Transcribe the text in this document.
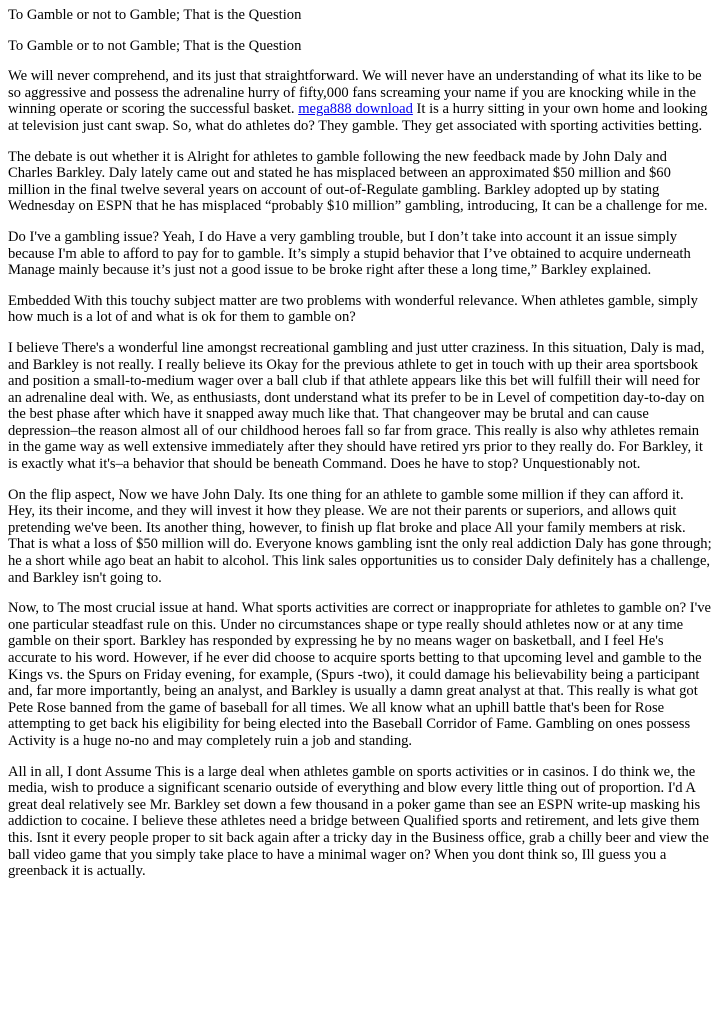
To Gamble or not to Gamble; That is the Question

To Gamble or to not Gamble; That is the Question

We will never comprehend, and its just that straightforward. We will never have an understanding of what its like to be so aggressive and possess the adrenaline hurry of fifty,000 fans screaming your name if you are knocking while in the winning operate or scoring the successful basket. mega888 download It is a hurry sitting in your own home and looking at television just cant swap. So, what do athletes do? They gamble. They get associated with sporting activities betting.

The debate is out whether it is Alright for athletes to gamble following the new feedback made by John Daly and Charles Barkley. Daly lately came out and stated he has misplaced between an approximated $50 million and $60 million in the final twelve several years on account of out-of-Regulate gambling. Barkley adopted up by stating Wednesday on ESPN that he has misplaced “probably $10 million” gambling, introducing, It can be a challenge for me.

Do I've a gambling issue? Yeah, I do Have a very gambling trouble, but I don’t take into account it an issue simply because I'm able to afford to pay for to gamble. It’s simply a stupid behavior that I’ve obtained to acquire underneath Manage mainly because it’s just not a good issue to be broke right after these a long time,” Barkley explained.

Embedded With this touchy subject matter are two problems with wonderful relevance. When athletes gamble, simply how much is a lot of and what is ok for them to gamble on?

I believe There's a wonderful line amongst recreational gambling and just utter craziness. In this situation, Daly is mad, and Barkley is not really. I really believe its Okay for the previous athlete to get in touch with up their area sportsbook and position a small-to-medium wager over a ball club if that athlete appears like this bet will fulfill their will need for an adrenaline deal with. We, as enthusiasts, dont understand what its prefer to be in Level of competition day-to-day on the best phase after which have it snapped away much like that. That changeover may be brutal and can cause depression–the reason almost all of our childhood heroes fall so far from grace. This really is also why athletes remain in the game way as well extensive immediately after they should have retired yrs prior to they really do. For Barkley, it is exactly what it's–a behavior that should be beneath Command. Does he have to stop? Unquestionably not.

On the flip aspect, Now we have John Daly. Its one thing for an athlete to gamble some million if they can afford it. Hey, its their income, and they will invest it how they please. We are not their parents or superiors, and allows quit pretending we've been. Its another thing, however, to finish up flat broke and place All your family members at risk. That is what a loss of $50 million will do. Everyone knows gambling isnt the only real addiction Daly has gone through; he a short while ago beat an habit to alcohol. This link sales opportunities us to consider Daly definitely has a challenge, and Barkley isn't going to.

Now, to The most crucial issue at hand. What sports activities are correct or inappropriate for athletes to gamble on? I've one particular steadfast rule on this. Under no circumstances shape or type really should athletes now or at any time gamble on their sport. Barkley has responded by expressing he by no means wager on basketball, and I feel He's accurate to his word. However, if he ever did choose to acquire sports betting to that upcoming level and gamble to the Kings vs. the Spurs on Friday evening, for example, (Spurs -two), it could damage his believability being a participant and, far more importantly, being an analyst, and Barkley is usually a damn great analyst at that. This really is what got Pete Rose banned from the game of baseball for all times. We all know what an uphill battle that's been for Rose attempting to get back his eligibility for being elected into the Baseball Corridor of Fame. Gambling on ones possess Activity is a huge no-no and may completely ruin a job and standing.

All in all, I dont Assume This is a large deal when athletes gamble on sports activities or in casinos. I do think we, the media, wish to produce a significant scenario outside of everything and blow every little thing out of proportion. I'd A great deal relatively see Mr. Barkley set down a few thousand in a poker game than see an ESPN write-up masking his addiction to cocaine. I believe these athletes need a bridge between Qualified sports and retirement, and lets give them this. Isnt it every people proper to sit back again after a tricky day in the Business office, grab a chilly beer and view the ball video game that you simply take place to have a minimal wager on? When you dont think so, Ill guess you a greenback it is actually.
